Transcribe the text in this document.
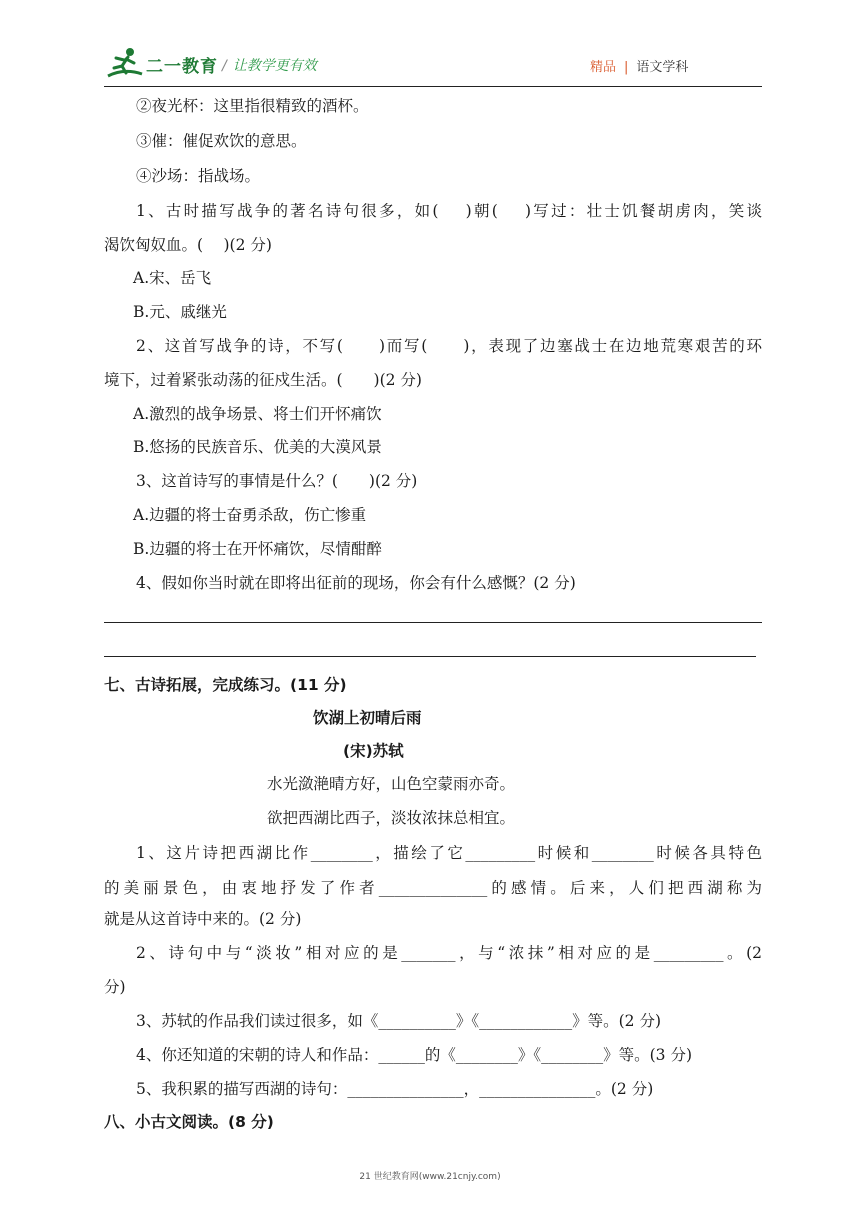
二一教育 / 让教学更有效	精品 | 语文学科
②夜光杯：这里指很精致的酒杯。
③催：催促欢饮的意思。
④沙场：指战场。
1、古时描写战争的著名诗句很多，如(　 )朝(　 )写过：壮士饥餐胡虏肉，笑谈
渴饮匈奴血。(　 )(2 分)
A.宋、岳飞
B.元、戚继光
2、这首写战争的诗，不写(　　)而写(　　)，表现了边塞战士在边地荒寒艰苦的环
境下，过着紧张动荡的征戍生活。(　　)(2 分)
A.激烈的战争场景、将士们开怀痛饮
B.悠扬的民族音乐、优美的大漠风景
3、这首诗写的事情是什么？(　　)(2 分)
A.边疆的将士奋勇杀敌，伤亡惨重
B.边疆的将士在开怀痛饮，尽情酣醉
4、假如你当时就在即将出征前的现场，你会有什么感慨？(2 分)
七、古诗拓展，完成练习。(11 分)
饮湖上初晴后雨
(宋)苏轼
水光潋滟晴方好，山色空蒙雨亦奇。
欲把西湖比西子，淡妆浓抹总相宜。
1、这片诗把西湖比作________，描绘了它_________时候和________时候各具特色
的美丽景色，由衷地抒发了作者______________的感情。后来，人们把西湖称为
就是从这首诗中来的。(2 分)
2、诗句中与“淡妆”相对应的是_______，与“浓抹”相对应的是_________。(2
分)
3、苏轼的作品我们读过很多，如《__________》《____________》等。(2 分)
4、你还知道的宋朝的诗人和作品：______的《________》《________》等。(3 分)
5、我积累的描写西湖的诗句：_______________，_______________。(2 分)
八、小古文阅读。(8 分)
21 世纪教育网(www.21cnjy.com)
